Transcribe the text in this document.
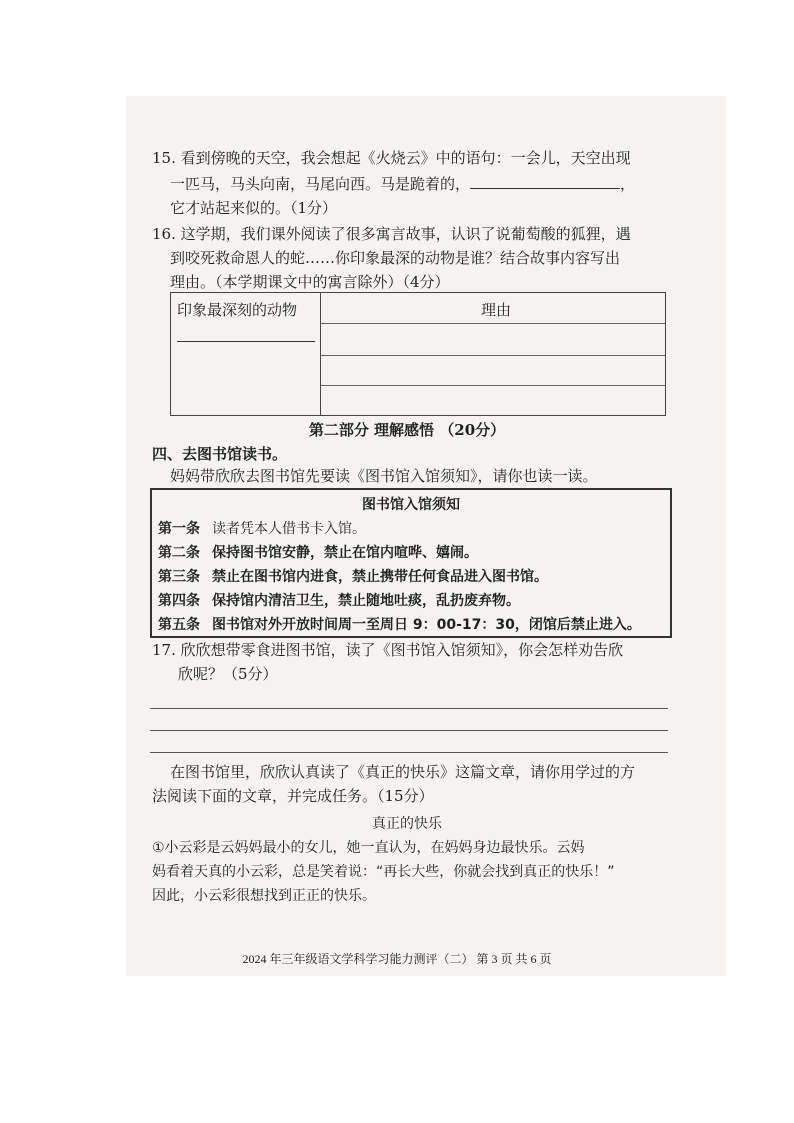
15. 看到傍晚的天空，我会想起《火烧云》中的语句：一会儿，天空出现
一匹马，马头向南，马尾向西。马是跪着的，	，
它才站起来似的。（1分）
16. 这学期，我们课外阅读了很多寓言故事，认识了说葡萄酸的狐狸，遇
到咬死救命恩人的蛇……你印象最深的动物是谁？结合故事内容写出
理由。（本学期课文中的寓言除外）（4分）
印象最深刻的动物	理由
第二部分 理解感悟 （20分）
四、去图书馆读书。
妈妈带欣欣去图书馆先要读《图书馆入馆须知》，请你也读一读。
图书馆入馆须知
第一条 读者凭本人借书卡入馆。
第二条 保持图书馆安静，禁止在馆内喧哗、嬉闹。
第三条 禁止在图书馆内进食，禁止携带任何食品进入图书馆。
第四条 保持馆内清洁卫生，禁止随地吐痰，乱扔废弃物。
第五条 图书馆对外开放时间周一至周日 9：00-17：30，闭馆后禁止进入。
17. 欣欣想带零食进图书馆，读了《图书馆入馆须知》，你会怎样劝告欣
欣呢？（5分）
在图书馆里，欣欣认真读了《真正的快乐》这篇文章，请你用学过的方
法阅读下面的文章，并完成任务。（15分）
真正的快乐
①小云彩是云妈妈最小的女儿，她一直认为，在妈妈身边最快乐。云妈
妈看着天真的小云彩，总是笑着说：“再长大些，你就会找到真正的快乐！”
因此，小云彩很想找到正正的快乐。
2024 年三年级语文学科学习能力测评（二） 第 3 页 共 6 页
